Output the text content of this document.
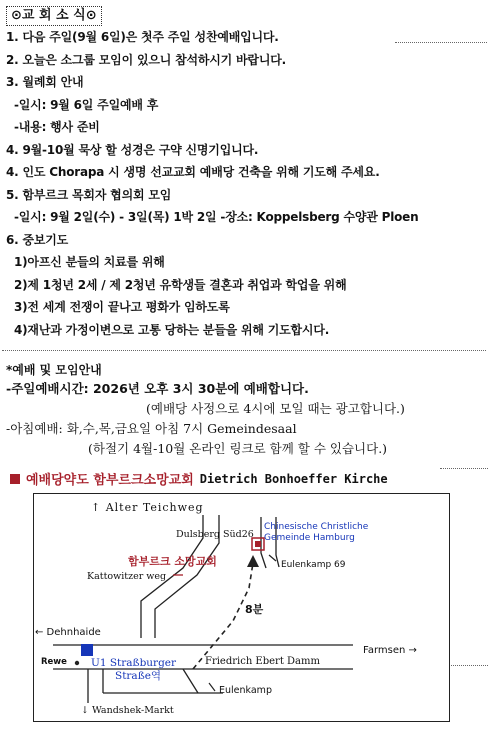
⊙교 회 소 식⊙
1. 다음 주일(9월 6일)은 첫주 주일 성찬예배입니다.
2. 오늘은 소그룹 모임이 있으니 참석하시기 바랍니다.
3. 월례회 안내
-일시: 9월 6일 주일예배 후
-내용: 행사 준비
4. 9월-10월 묵상 할 성경은 구약 신명기입니다.
4. 인도 Chorapa 시 생명 선교교회 예배당 건축을 위해 기도해 주세요.
5. 함부르크 목회자 협의회 모임
-일시: 9월 2일(수) - 3일(목) 1박 2일 -장소: Koppelsberg 수양관 Ploen
6. 중보기도
1)아프신 분들의 치료를 위해
2)제 1청년 2세 / 제 2청년 유학생들 결혼과 취업과 학업을 위해
3)전 세계 전쟁이 끝나고 평화가 임하도록
4)재난과 가정이변으로 고통 당하는 분들을 위해 기도합시다.
*예배 및 모임안내
-주일예배시간: 2026년 오후 3시 30분에 예배합니다.
(예배당 사정으로 4시에 모일 때는 광고합니다.)
-아침예배: 화,수,목,금요일 아침 7시 Gemeindesaal
(하절기 4월-10월 온라인 링크로 함께 할 수 있습니다.)
예배당약도 함부르크소망교회 Dietrich Bonhoeffer Kirche
↑ Alter Teichweg
Dulsberg Süd26
Chinesische Christliche
Gemeinde Hamburg
함부르크 소망교회
Kattowitzer weg
Eulenkamp 69
8분
← Dehnhaide
Rewe U1 Straßburger
Straße역
Friedrich Ebert Damm
Farmsen →
Eulenkamp
↓ Wandshek-Markt
